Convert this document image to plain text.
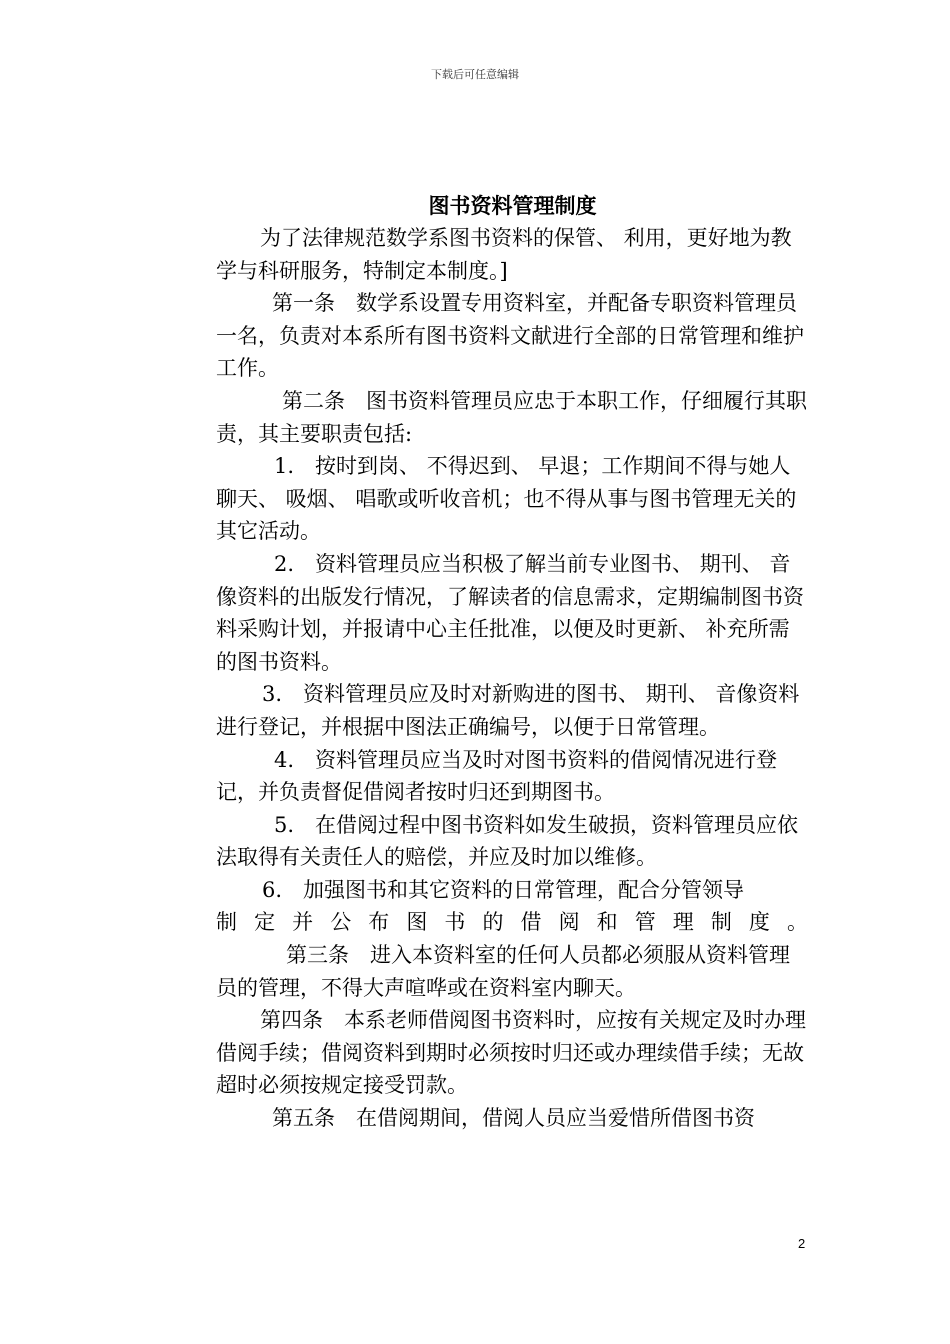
下载后可任意编辑
图书资料管理制度

为了法律规范数学系图书资料的保管、 利用，更好地为教学与科研服务，特制定本制度。]

第一条　数学系设置专用资料室，并配备专职资料管理员一名，负责对本系所有图书资料文献进行全部的日常管理和维护工作。

第二条　图书资料管理员应忠于本职工作，仔细履行其职责，其主要职责包括:

1.　按时到岗、 不得迟到、 早退；工作期间不得与她人聊天、 吸烟、 唱歌或听收音机；也不得从事与图书管理无关的其它活动。

2.　资料管理员应当积极了解当前专业图书、 期刊、 音像资料的出版发行情况，了解读者的信息需求，定期编制图书资料采购计划，并报请中心主任批准，以便及时更新、 补充所需的图书资料。

3.　资料管理员应及时对新购进的图书、 期刊、 音像资料进行登记，并根据中图法正确编号，以便于日常管理。

4.　资料管理员应当及时对图书资料的借阅情况进行登记，并负责督促借阅者按时归还到期图书。

5.　在借阅过程中图书资料如发生破损，资料管理员应依法取得有关责任人的赔偿，并应及时加以维修。

6.　加强图书和其它资料的日常管理，配合分管领导

制定并公布图书的借阅和管理制度。

第三条　进入本资料室的任何人员都必须服从资料管理员的管理，不得大声喧哗或在资料室内聊天。

第四条　本系老师借阅图书资料时，应按有关规定及时办理借阅手续；借阅资料到期时必须按时归还或办理续借手续；无故超时必须按规定接受罚款。

第五条　在借阅期间，借阅人员应当爱惜所借图书资

2
